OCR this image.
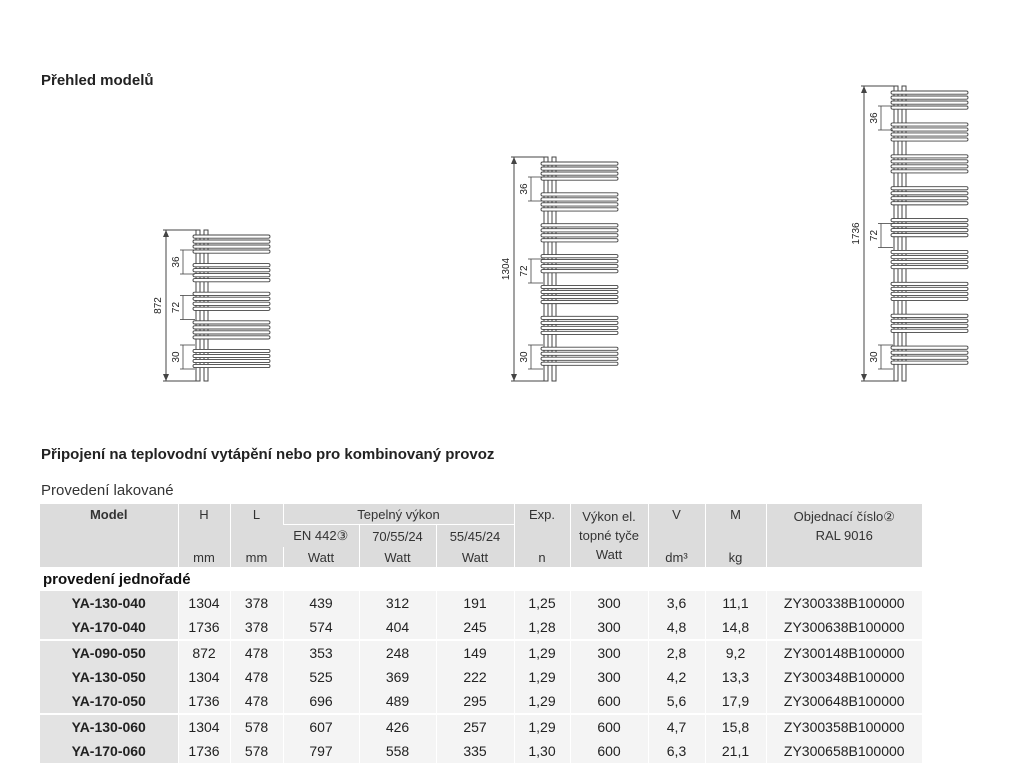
Přehled modelů
872
36
72
30
1304
36
72
30
1736
36
72
30
Připojení na teplovodní vytápění nebo pro kombinovaný provoz
Provedení lakované
Model	H	L	Tepelný výkon			Exp.	Výkon el. topné tyče Watt	V	M	Objednací číslo② RAL 9016
			EN 442③	70/55/24	55/45/24					
	mm	mm	Watt	Watt	Watt	n		dm³	kg	
provedení jednořadé										
YA-130-040	1304	378	439	312	191	1,25	300	3,6	11,1	ZY300338B100000
YA-170-040	1736	378	574	404	245	1,28	300	4,8	14,8	ZY300638B100000
YA-090-050	872	478	353	248	149	1,29	300	2,8	9,2	ZY300148B100000
YA-130-050	1304	478	525	369	222	1,29	300	4,2	13,3	ZY300348B100000
YA-170-050	1736	478	696	489	295	1,29	600	5,6	17,9	ZY300648B100000
YA-130-060	1304	578	607	426	257	1,29	600	4,7	15,8	ZY300358B100000
YA-170-060	1736	578	797	558	335	1,30	600	6,3	21,1	ZY300658B100000
